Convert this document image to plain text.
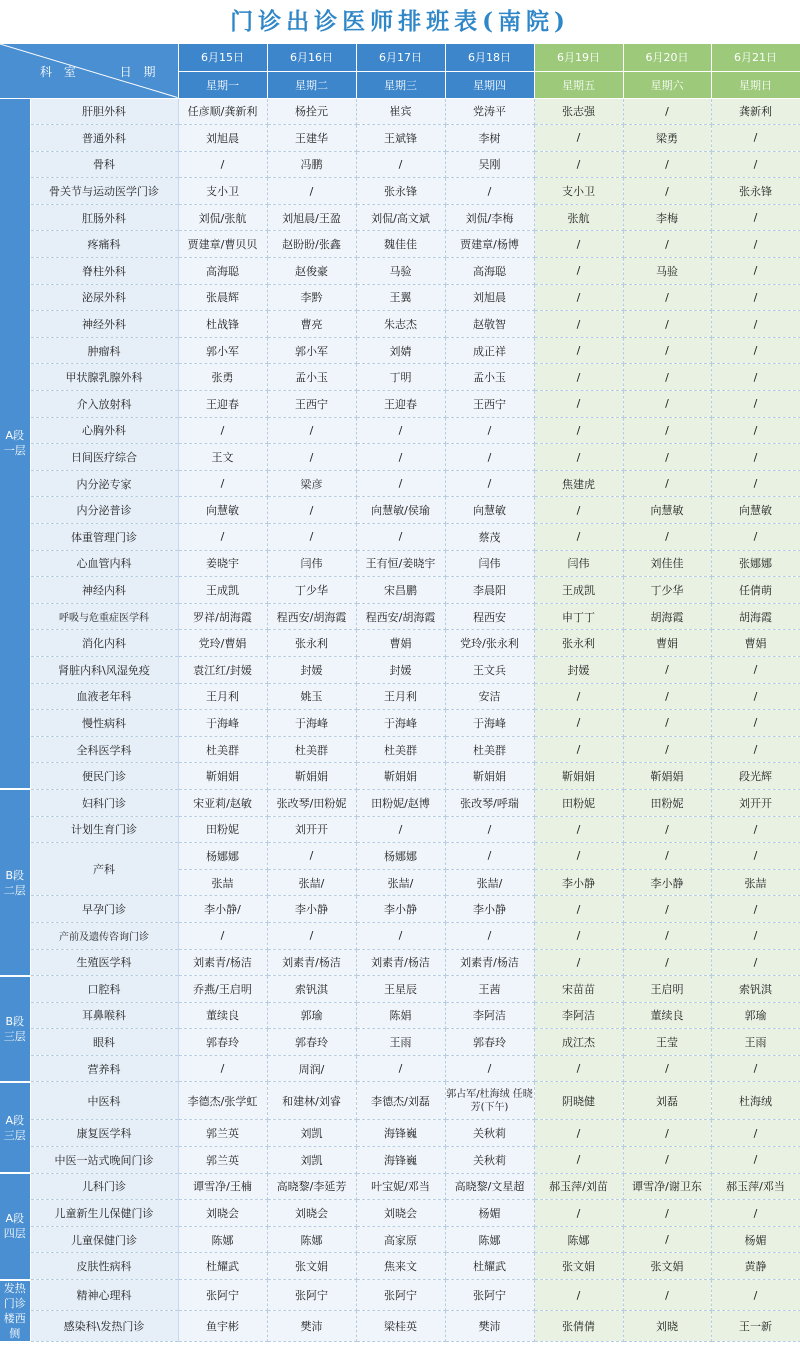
门诊出诊医师排班表(南院)
科 室 日 期		6月15日	6月16日	6月17日	6月18日	6月19日	6月20日	6月21日
		星期一	星期二	星期三	星期四	星期五	星期六	星期日
A段一层	肝胆外科	任彦顺/龚新利	杨拴元	崔宾	党涛平	张志强	/	龚新利
	普通外科	刘旭晨	王建华	王斌锋	李树	/	梁勇	/
	骨科	/	冯鹏	/	吴刚	/	/	/
	骨关节与运动医学门诊	支小卫	/	张永锋	/	支小卫	/	张永锋
	肛肠外科	刘侃/张航	刘旭晨/王盈	刘侃/高文斌	刘侃/李梅	张航	李梅	/
	疼痛科	贾建章/曹贝贝	赵盼盼/张鑫	魏佳佳	贾建章/杨博	/	/	/
	脊柱外科	高海聪	赵俊豪	马验	高海聪	/	马验	/
	泌尿外科	张晨辉	李黔	王翼	刘旭晨	/	/	/
	神经外科	杜战锋	曹亮	朱志杰	赵敬智	/	/	/
	肿瘤科	郭小军	郭小军	刘婧	成正祥	/	/	/
	甲状腺乳腺外科	张勇	孟小玉	丁明	孟小玉	/	/	/
	介入放射科	王迎春	王西宁	王迎春	王西宁	/	/	/
	心胸外科	/	/	/	/	/	/	/
	日间医疗综合	王文	/	/	/	/	/	/
	内分泌专家	/	梁彦	/	/	焦建虎	/	/
	内分泌普诊	向慧敏	/	向慧敏/侯瑜	向慧敏	/	向慧敏	向慧敏
	体重管理门诊	/	/	/	蔡茂	/	/	/
	心血管内科	姜晓宇	闫伟	王有恒/姜晓宇	闫伟	闫伟	刘佳佳	张娜娜
	神经内科	王成凯	丁少华	宋昌鹏	李晨阳	王成凯	丁少华	任倩萌
	呼吸与危重症医学科	罗祥/胡海霞	程西安/胡海霞	程西安/胡海霞	程西安	申丁丁	胡海霞	胡海霞
	消化内科	党玲/曹娟	张永利	曹娟	党玲/张永利	张永利	曹娟	曹娟
	肾脏内科\风湿免疫	袁江红/封媛	封媛	封媛	王文兵	封媛	/	/
	血液老年科	王月利	姚玉	王月利	安洁	/	/	/
	慢性病科	于海峰	于海峰	于海峰	于海峰	/	/	/
	全科医学科	杜美群	杜美群	杜美群	杜美群	/	/	/
	便民门诊	靳娟娟	靳娟娟	靳娟娟	靳娟娟	靳娟娟	靳娟娟	段光辉
B段二层	妇科门诊	宋亚莉/赵敏	张改琴/田粉妮	田粉妮/赵博	张改琴/呼瑞	田粉妮	田粉妮	刘开开
	计划生育门诊	田粉妮	刘开开	/	/	/	/	/
	产科	杨娜娜	/	杨娜娜	/	/	/	/
		张喆	张喆/	张喆/	张喆/	李小静	李小静	张喆
	早孕门诊	李小静/	李小静	李小静	李小静	/	/	/
	产前及遗传咨询门诊	/	/	/	/	/	/	/
	生殖医学科	刘素青/杨洁	刘素青/杨洁	刘素青/杨洁	刘素青/杨洁	/	/	/
B段三层	口腔科	乔燕/王启明	索钒淇	王星辰	王茜	宋苗苗	王启明	索钒淇
	耳鼻喉科	董续良	郭瑜	陈娟	李阿洁	李阿洁	董续良	郭瑜
	眼科	郭春玲	郭春玲	王雨	郭春玲	成江杰	王莹	王雨
	营养科	/	周润/	/	/	/	/	/
A段三层	中医科	李德杰/张学虹	和建林/刘睿	李德杰/刘磊	郭占军/杜海绒 任晓芳(下午)	阴晓健	刘磊	杜海绒
	康复医学科	郭兰英	刘凯	海锋巍	关秋莉	/	/	/
	中医一站式晚间门诊	郭兰英	刘凯	海锋巍	关秋莉	/	/	/
A段四层	儿科门诊	谭雪净/王楠	高晓黎/李延芳	叶宝妮/邓当	高晓黎/文星超	郝玉萍/刘苗	谭雪净/谢卫东	郝玉萍/邓当
	儿童新生儿保健门诊	刘晓会	刘晓会	刘晓会	杨媚	/	/	/
	儿童保健门诊	陈娜	陈娜	高家原	陈娜	陈娜	/	杨媚
	皮肤性病科	杜耀武	张文娟	焦来文	杜耀武	张文娟	张文娟	黄静
发热门诊楼西侧	精神心理科	张阿宁	张阿宁	张阿宁	张阿宁	/	/	/
	感染科\发热门诊	鱼宇彬	樊沛	梁桂英	樊沛	张倩倩	刘晓	王一新
